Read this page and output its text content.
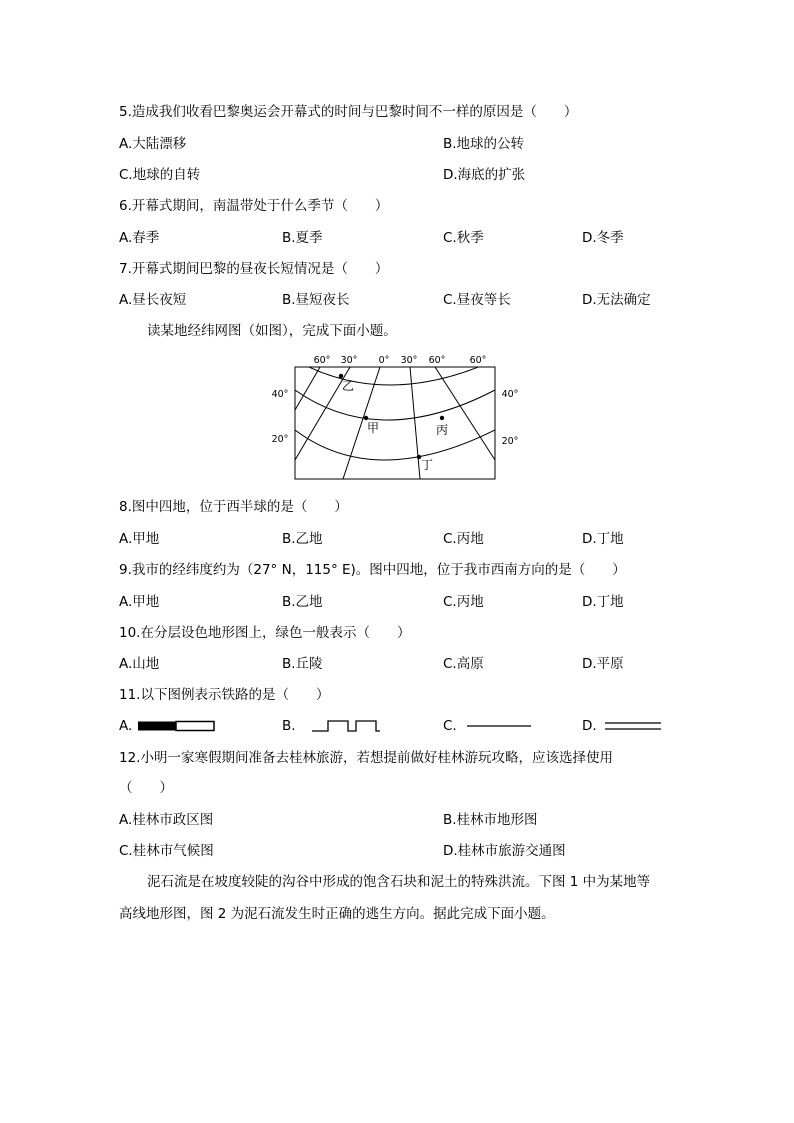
5.造成我们收看巴黎奥运会开幕式的时间与巴黎时间不一样的原因是（　　）
A.大陆漂移	B.地球的公转
C.地球的自转	D.海底的扩张
6.开幕式期间，南温带处于什么季节（　　）
A.春季	B.夏季	C.秋季	D.冬季
7.开幕式期间巴黎的昼夜长短情况是（　　）
A.昼长夜短	B.昼短夜长	C.昼夜等长	D.无法确定
读某地经纬网图（如图），完成下面小题。
60° 30° 0° 30° 60°	60°
40°
20°
40°
20°
乙
甲	丙
丁
8.图中四地，位于西半球的是（　　）
A.甲地	B.乙地	C.丙地	D.丁地
9.我市的经纬度约为（27° N，115° E)。图中四地，位于我市西南方向的是（　　）
A.甲地	B.乙地	C.丙地	D.丁地
10.在分层设色地形图上，绿色一般表示（　　）
A.山地	B.丘陵	C.高原	D.平原
11.以下图例表示铁路的是（　　）
A.	B.	C.	D.
12.小明一家寒假期间准备去桂林旅游，若想提前做好桂林游玩攻略，应该选择使用
（　　）
A.桂林市政区图	B.桂林市地形图
C.桂林市气候图	D.桂林市旅游交通图
泥石流是在坡度较陡的沟谷中形成的饱含石块和泥土的特殊洪流。下图 1 中为某地等
高线地形图，图 2 为泥石流发生时正确的逃生方向。据此完成下面小题。
